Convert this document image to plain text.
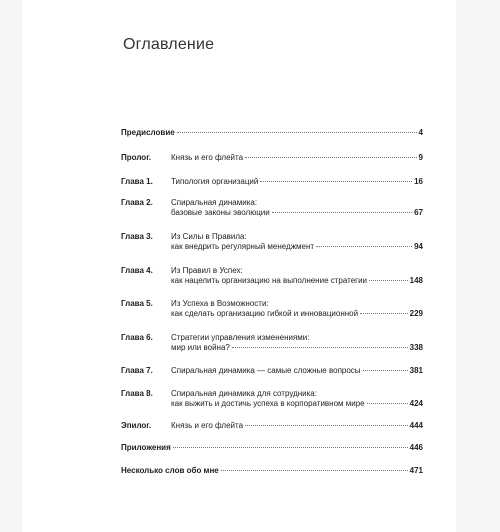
Оглавление
Предисловие	4
Пролог.	Князь и его флейта	9
Глава 1. Типология организаций	16
Глава 2. Спиральная динамика:
базовые законы эволюции	67
Глава 3. Из Силы в Правила:
как внедрить регулярный менеджмент	94
Глава 4. Из Правил в Успех:
как нацелить организацию на выполнение стратегии	148
Глава 5. Из Успеха в Возможности:
как сделать организацию гибкой и инновационной	229
Глава 6. Стратегии управления изменениями:
мир или война?	338
Глава 7. Спиральная динамика — самые сложные вопросы	381
Глава 8. Спиральная динамика для сотрудника:
как выжить и достичь успеха в корпоративном мире	424
Эпилог. Князь и его флейта	444
Приложения	446
Несколько слов обо мне	471
